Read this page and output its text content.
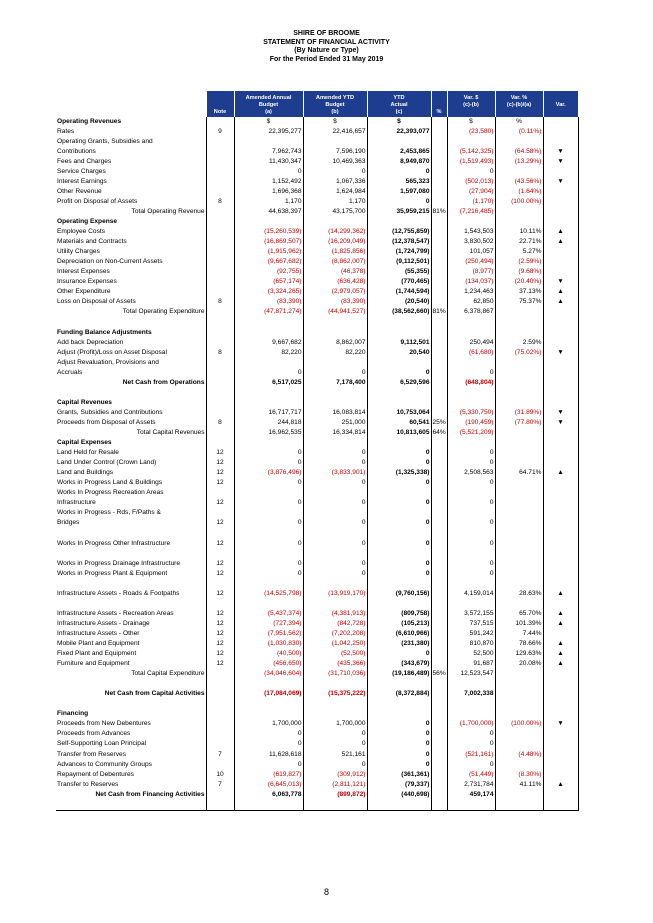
SHIRE OF BROOME
STATEMENT OF FINANCIAL ACTIVITY
(By Nature or Type)
For the Period Ended 31 May 2019

		Amended Annual	Amended YTD	YTD		Var. $	Var. %	
		Budget	Budget	Actual		(c)-(b)	(c)-(b)/(a)	Var.
	Note	(a)	(b)	(c)	%			
Operating Revenues		$	$	$		$	%	
Rates	9	22,395,277	22,416,657	22,393,077		(23,580)	(0.11%)	
Operating Grants, Subsidies and								
Contributions		7,962,743	7,596,190	2,453,865		(5,142,325)	(64.58%)	▼
Fees and Charges		11,430,347	10,469,363	8,949,870		(1,519,493)	(13.29%)	▼
Service Charges		0	0	0		0		
Interest Earnings		1,152,492	1,067,336	565,323		(502,013)	(43.56%)	▼
Other Revenue		1,696,368	1,624,984	1,597,080		(27,904)	(1.64%)	
Profit on Disposal of Assets	8	1,170	1,170	0		(1,170)	(100.00%)	
Total Operating Revenue		44,638,397	43,175,700	35,959,215	81%	(7,216,485)		
Operating Expense								
Employee Costs		(15,260,539)	(14,299,362)	(12,755,859)		1,543,503	10.11%	▲
Materials and Contracts		(16,869,507)	(16,209,049)	(12,378,547)		3,830,502	22.71%	▲
Utility Charges		(1,915,962)	(1,825,856)	(1,724,799)		101,057	5.27%	
Depreciation on Non-Current Assets		(9,667,682)	(8,862,007)	(9,112,501)		(250,494)	(2.59%)	
Interest Expenses		(92,755)	(46,378)	(55,355)		(8,977)	(9.68%)	
Insurance Expenses		(657,174)	(636,428)	(770,465)		(134,037)	(20.40%)	▼
Other Expenditure		(3,324,265)	(2,979,057)	(1,744,594)		1,234,463	37.13%	▲
Loss on Disposal of Assets	8	(83,390)	(83,390)	(20,540)		62,850	75.37%	▲
Total Operating Expenditure		(47,871,274)	(44,941,527)	(38,562,660)	81%	6,378,867		

Funding Balance Adjustments								
Add back Depreciation		9,667,682	8,862,007	9,112,501		250,494	2.59%	
Adjust (Profit)/Loss on Asset Disposal	8	82,220	82,220	20,540		(61,680)	(75.02%)	▼
Adjust Revaluation, Provisions and								
Accruals		0	0	0		0		
Net Cash from Operations		6,517,025	7,178,400	6,529,596		(648,804)		

Capital Revenues								
Grants, Subsidies and Contributions		16,717,717	16,083,814	10,753,064		(5,330,750)	(31.89%)	▼
Proceeds from Disposal of Assets	8	244,818	251,000	60,541	25%	(190,459)	(77.80%)	▼
Total Capital Revenues		16,962,535	16,334,814	10,813,605	64%	(5,521,209)		
Capital Expenses								
Land Held for Resale	12	0	0	0		0		
Land Under Control (Crown Land)	12	0	0	0		0		
Land and Buildings	12	(3,876,496)	(3,833,901)	(1,325,338)		2,508,563	64.71%	▲
Works in Progress Land & Buildings	12	0	0	0		0		
Works In Progress Recreation Areas								
Infrastructure	12	0	0	0		0		
Works in Progress - Rds, F/Paths &								
Bridges	12	0	0	0		0		

Works In Progress Other Infrastructure	12	0	0	0		0		

Works in Progress Drainage Infrastructure	12	0	0	0		0		
Works in Progress Plant & Equipment	12	0	0	0		0		

Infrastructure Assets - Roads & Footpaths	12	(14,525,798)	(13,919,170)	(9,760,156)		4,159,014	28.63%	▲

Infrastructure Assets - Recreation Areas	12	(5,437,374)	(4,381,913)	(809,758)		3,572,155	65.70%	▲
Infrastructure Assets - Drainage	12	(727,394)	(842,728)	(105,213)		737,515	101.39%	▲
Infrastructure Assets - Other	12	(7,951,562)	(7,202,208)	(6,610,966)		591,242	7.44%	
Mobile Plant and Equipment	12	(1,030,830)	(1,042,250)	(231,380)		810,870	78.66%	▲
Fixed Plant and Equipment	12	(40,500)	(52,500)	0		52,500	129.63%	▲
Furniture and Equipment	12	(456,650)	(435,366)	(343,679)		91,687	20.08%	▲
Total Capital Expenditure		(34,046,604)	(31,710,036)	(19,186,489)	56%	12,523,547		

Net Cash from Capital Activities		(17,084,069)	(15,375,222)	(8,372,884)		7,002,338		

Financing								
Proceeds from New Debentures		1,700,000	1,700,000	0		(1,700,000)	(100.00%)	▼
Proceeds from Advances		0	0	0		0		
Self-Supporting Loan Principal		0	0	0		0		
Transfer from Reserves	7	11,628,618	521,161	0		(521,161)	(4.48%)	
Advances to Community Groups		0	0	0		0		
Repayment of Debentures	10	(619,827)	(309,912)	(361,361)		(51,449)	(8.30%)	
Transfer to Reserves	7	(6,645,013)	(2,811,121)	(79,337)		2,731,784	41.11%	▲
Net Cash from Financing Activities		6,063,778	(899,872)	(440,698)		459,174		

8
